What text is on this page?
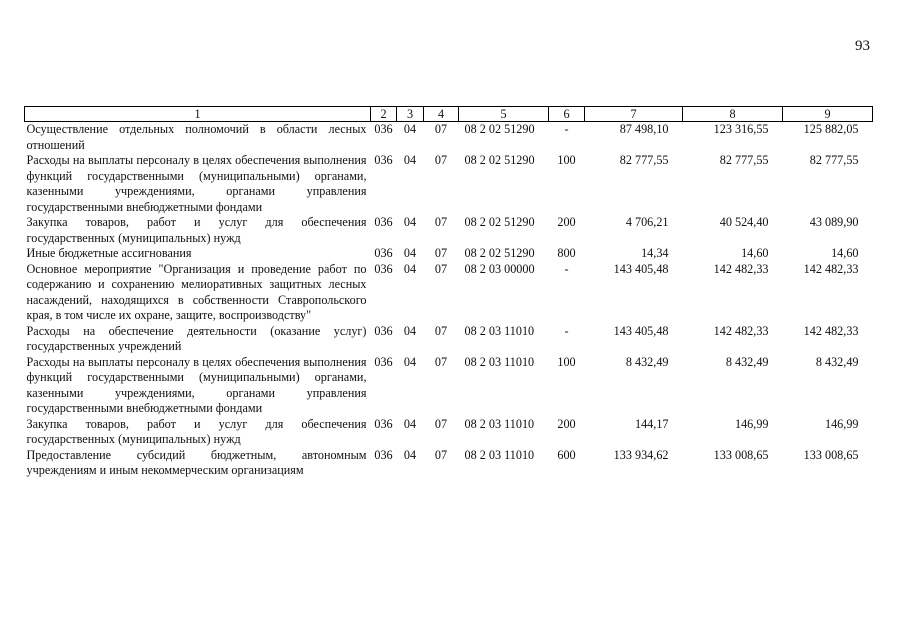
93
1	2	3	4	5	6	7	8	9
Осуществление отдельных полномочий в области лесных отношений	036	04	07	08 2 02 51290	-	87 498,10	123 316,55	125 882,05
Расходы на выплаты персоналу в целях обеспечения выполнения функций государственными (муниципальными) органами, казенными учреждениями, органами управления государственными внебюджетными фондами	036	04	07	08 2 02 51290	100	82 777,55	82 777,55	82 777,55
Закупка товаров, работ и услуг для обеспечения государственных (муниципальных) нужд	036	04	07	08 2 02 51290	200	4 706,21	40 524,40	43 089,90
Иные бюджетные ассигнования	036	04	07	08 2 02 51290	800	14,34	14,60	14,60
Основное мероприятие "Организация и проведение работ по содержанию и сохранению мелиоративных защитных лесных насаждений, находящихся в собственности Ставропольского края, в том числе их охране, защите, воспроизводству"	036	04	07	08 2 03 00000	-	143 405,48	142 482,33	142 482,33
Расходы на обеспечение деятельности (оказание услуг) государственных учреждений	036	04	07	08 2 03 11010	-	143 405,48	142 482,33	142 482,33
Расходы на выплаты персоналу в целях обеспечения выполнения функций государственными (муниципальными) органами, казенными учреждениями, органами управления государственными внебюджетными фондами	036	04	07	08 2 03 11010	100	8 432,49	8 432,49	8 432,49
Закупка товаров, работ и услуг для обеспечения государственных (муниципальных) нужд	036	04	07	08 2 03 11010	200	144,17	146,99	146,99
Предоставление субсидий бюджетным, автономным учреждениям и иным некоммерческим организациям	036	04	07	08 2 03 11010	600	133 934,62	133 008,65	133 008,65
